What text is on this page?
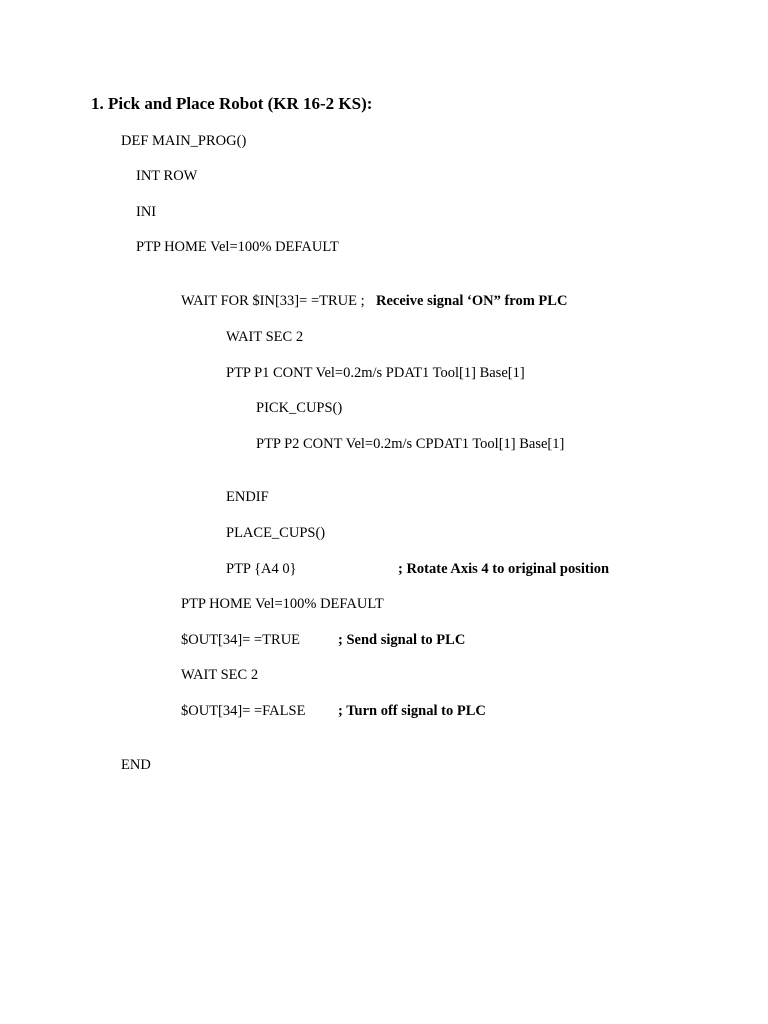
1. Pick and Place Robot (KR 16-2 KS):
DEF MAIN_PROG()
INT ROW
INI
PTP HOME Vel=100% DEFAULT
WAIT FOR $IN[33]= =TRUE ; Receive signal ‘ON” from PLC
WAIT SEC 2
PTP P1 CONT Vel=0.2m/s PDAT1 Tool[1] Base[1]
PICK_CUPS()
PTP P2 CONT Vel=0.2m/s CPDAT1 Tool[1] Base[1]
ENDIF
PLACE_CUPS()
PTP {A4 0}	; Rotate Axis 4 to original position
PTP HOME Vel=100% DEFAULT
$OUT[34]= =TRUE	; Send signal to PLC
WAIT SEC 2
$OUT[34]= =FALSE ; Turn off signal to PLC
END
